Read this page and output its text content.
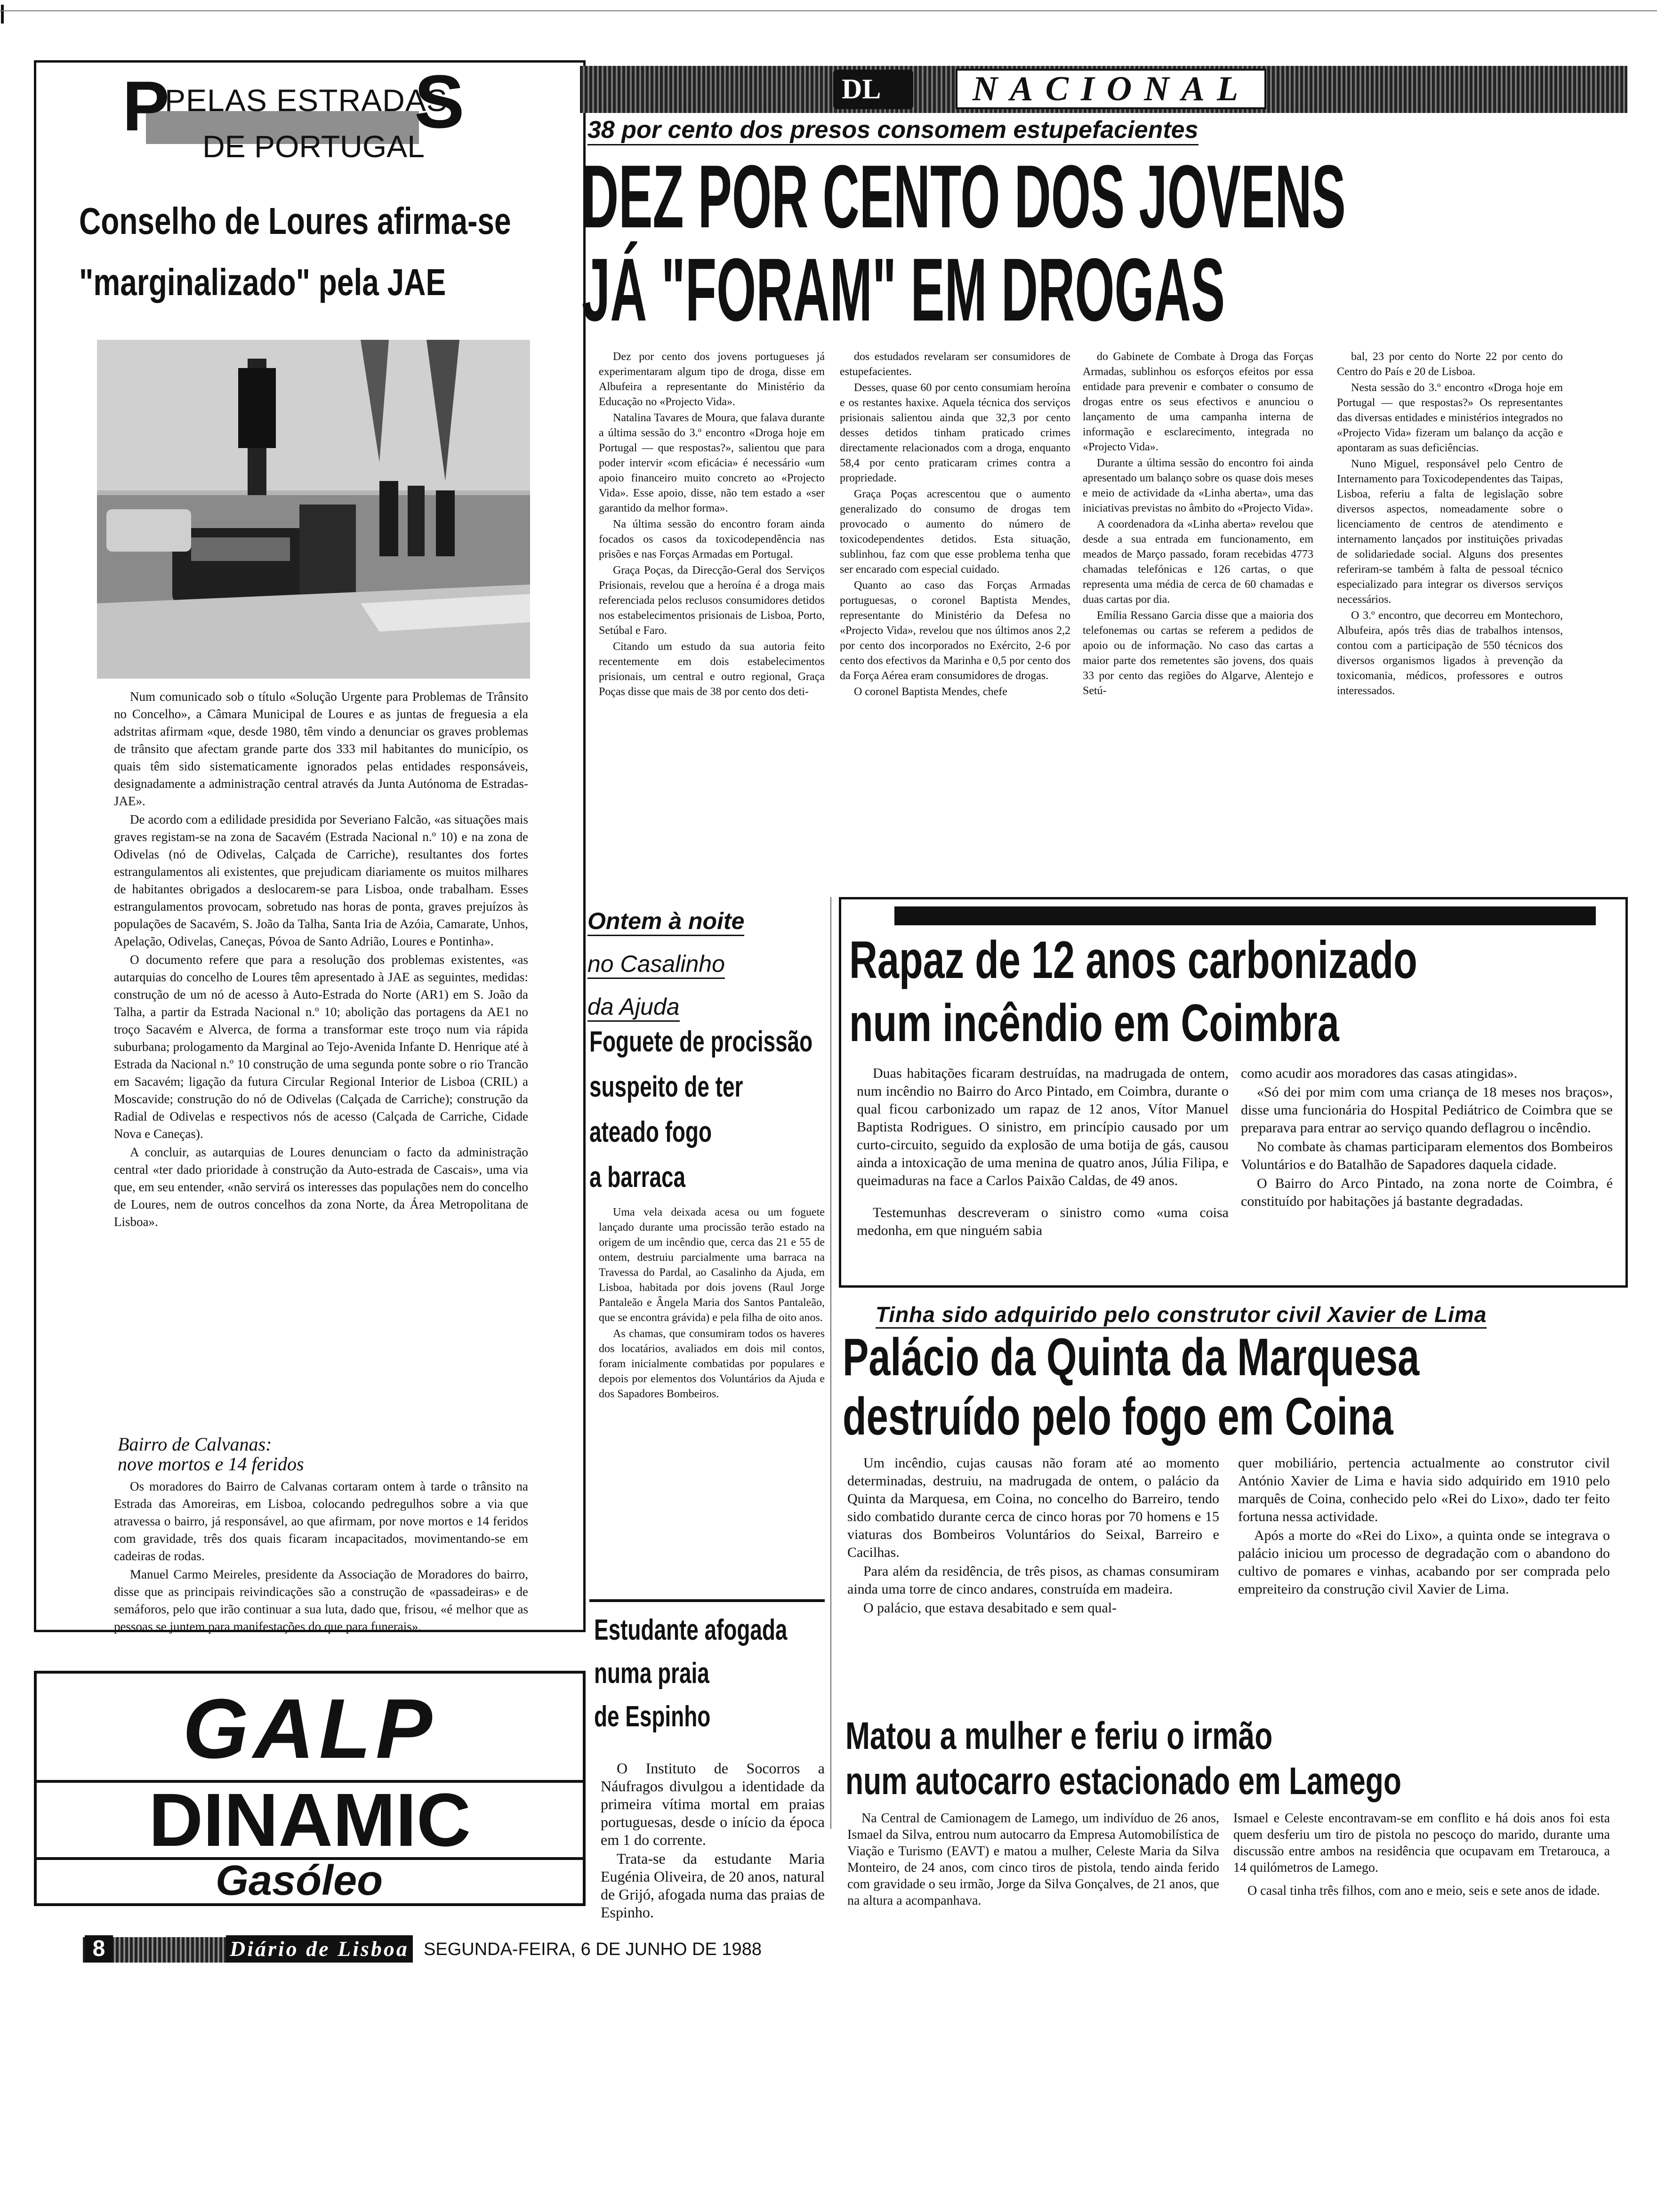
P	S
PELAS ESTRADAS
DE PORTUGAL
Conselho de Loures afirma-se
"marginalizado" pela JAE

Num comunicado sob o título «Solução Urgente para Problemas de Trânsito no Concelho», a Câmara Municipal de Loures e as juntas de freguesia a ela adstritas afirmam «que, desde 1980, têm vindo a denunciar os graves problemas de trânsito que afectam grande parte dos 333 mil habitantes do município, os quais têm sido sistematicamente ignorados pelas entidades responsáveis, designadamente a administração central através da Junta Autónoma de Estradas-JAE».

De acordo com a edilidade presidida por Severiano Falcão, «as situações mais graves registam-se na zona de Sacavém (Estrada Nacional n.º 10) e na zona de Odivelas (nó de Odivelas, Calçada de Carriche), resultantes dos fortes estrangulamentos ali existentes, que prejudicam diariamente os muitos milhares de habitantes obrigados a deslocarem-se para Lisboa, onde trabalham. Esses estrangulamentos provocam, sobretudo nas horas de ponta, graves prejuízos às populações de Sacavém, S. João da Talha, Santa Iria de Azóia, Camarate, Unhos, Apelação, Odivelas, Caneças, Póvoa de Santo Adrião, Loures e Pontinha».

O documento refere que para a resolução dos problemas existentes, «as autarquias do concelho de Loures têm apresentado à JAE as seguintes, medidas: construção de um nó de acesso à Auto-Estrada do Norte (AR1) em S. João da Talha, a partir da Estrada Nacional n.º 10; abolição das portagens da AE1 no troço Sacavém e Alverca, de forma a transformar este troço num via rápida suburbana; prologamento da Marginal ao Tejo-Avenida Infante D. Henrique até à Estrada da Nacional n.º 10 construção de uma segunda ponte sobre o rio Trancão em Sacavém; ligação da futura Circular Regional Interior de Lisboa (CRIL) a Moscavide; construção do nó de Odivelas (Calçada de Carriche); construção da Radial de Odivelas e respectivos nós de acesso (Calçada de Carriche, Cidade Nova e Caneças).

A concluir, as autarquias de Loures denunciam o facto da administração central «ter dado prioridade à construção da Auto-estrada de Cascais», uma via que, em seu entender, «não servirá os interesses das populações nem do concelho de Loures, nem de outros concelhos da zona Norte, da Área Metropolitana de Lisboa».

Bairro de Calvanas:
nove mortos e 14 feridos

Os moradores do Bairro de Calvanas cortaram ontem à tarde o trânsito na Estrada das Amoreiras, em Lisboa, colocando pedregulhos sobre a via que atravessa o bairro, já responsável, ao que afirmam, por nove mortos e 14 feridos com gravidade, três dos quais ficaram incapacitados, movimentando-se em cadeiras de rodas.

Manuel Carmo Meireles, presidente da Associação de Moradores do bairro, disse que as principais reivindicações são a construção de «passadeiras» e de semáforos, pelo que irão continuar a sua luta, dado que, frisou, «é melhor que as pessoas se juntem para manifestações do que para funerais».

GALP
DINAMIC
Gasóleo
DL	NACIONAL
38 por cento dos presos consomem estupefacientes
DEZ POR CENTO DOS JOVENS
JÁ "FORAM" EM DROGAS

Dez por cento dos jovens portugueses já experimentaram algum tipo de droga, disse em Albufeira a representante do Ministério da Educação no «Projecto Vida».

Natalina Tavares de Moura, que falava durante a última sessão do 3.º encontro «Droga hoje em Portugal — que respostas?», salientou que para poder intervir «com eficácia» é necessário «um apoio financeiro muito concreto ao «Projecto Vida». Esse apoio, disse, não tem estado a «ser garantido da melhor forma».

Na última sessão do encontro foram ainda focados os casos da toxicodependência nas prisões e nas Forças Armadas em Portugal.

Graça Poças, da Direcção-Geral dos Serviços Prisionais, revelou que a heroína é a droga mais referenciada pelos reclusos consumidores detidos nos estabelecimentos prisionais de Lisboa, Porto, Setúbal e Faro.

Citando um estudo da sua autoria feito recentemente em dois estabelecimentos prisionais, um central e outro regional, Graça Poças disse que mais de 38 por cento dos deti-

dos estudados revelaram ser consumidores de estupefacientes.

Desses, quase 60 por cento consumiam heroína e os restantes haxixe. Aquela técnica dos serviços prisionais salientou ainda que 32,3 por cento desses detidos tinham praticado crimes directamente relacionados com a droga, enquanto 58,4 por cento praticaram crimes contra a propriedade.

Graça Poças acrescentou que o aumento generalizado do consumo de drogas tem provocado o aumento do número de toxicodependentes detidos. Esta situação, sublinhou, faz com que esse problema tenha que ser encarado com especial cuidado.

Quanto ao caso das Forças Armadas portuguesas, o coronel Baptista Mendes, representante do Ministério da Defesa no «Projecto Vida», revelou que nos últimos anos 2,2 por cento dos incorporados no Exército, 2-6 por cento dos efectivos da Marinha e 0,5 por cento dos da Força Aérea eram consumidores de drogas.

O coronel Baptista Mendes, chefe

do Gabinete de Combate à Droga das Forças Armadas, sublinhou os esforços efeitos por essa entidade para prevenir e combater o consumo de drogas entre os seus efectivos e anunciou o lançamento de uma campanha interna de informação e esclarecimento, integrada no «Projecto Vida».

Durante a última sessão do encontro foi ainda apresentado um balanço sobre os quase dois meses e meio de actividade da «Linha aberta», uma das iniciativas previstas no âmbito do «Projecto Vida».

A coordenadora da «Linha aberta» revelou que desde a sua entrada em funcionamento, em meados de Março passado, foram recebidas 4773 chamadas telefónicas e 126 cartas, o que representa uma média de cerca de 60 chamadas e duas cartas por dia.

Emília Ressano Garcia disse que a maioria dos telefonemas ou cartas se referem a pedidos de apoio ou de informação. No caso das cartas a maior parte dos remetentes são jovens, dos quais 33 por cento das regiões do Algarve, Alentejo e Setú-

bal, 23 por cento do Norte 22 por cento do Centro do País e 20 de Lisboa.

Nesta sessão do 3.º encontro «Droga hoje em Portugal — que respostas?» Os representantes das diversas entidades e ministérios integrados no «Projecto Vida» fizeram um balanço da acção e apontaram as suas deficiências.

Nuno Miguel, responsável pelo Centro de Internamento para Toxicodependentes das Taipas, Lisboa, referiu a falta de legislação sobre diversos aspectos, nomeadamente sobre o licenciamento de centros de atendimento e internamento lançados por instituições privadas de solidariedade social. Alguns dos presentes referiram-se também à falta de pessoal técnico especializado para integrar os diversos serviços necessários.

O 3.º encontro, que decorreu em Montechoro, Albufeira, após três dias de trabalhos intensos, contou com a participação de 550 técnicos dos diversos organismos ligados à prevenção da toxicomania, médicos, professores e outros interessados.

Ontem à noite
no Casalinho
da Ajuda
Foguete de procissão
suspeito de ter
ateado fogo
a barraca

Uma vela deixada acesa ou um foguete lançado durante uma procissão terão estado na origem de um incêndio que, cerca das 21 e 55 de ontem, destruiu parcialmente uma barraca na Travessa do Pardal, ao Casalinho da Ajuda, em Lisboa, habitada por dois jovens (Raul Jorge Pantaleão e Ângela Maria dos Santos Pantaleão, que se encontra grávida) e pela filha de oito anos.

As chamas, que consumiram todos os haveres dos locatários, avaliados em dois mil contos, foram inicialmente combatidas por populares e depois por elementos dos Voluntários da Ajuda e dos Sapadores Bombeiros.

Estudante afogada
numa praia
de Espinho

O Instituto de Socorros a Náufragos divulgou a identidade da primeira vítima mortal em praias portuguesas, desde o início da época em 1 do corrente.

Trata-se da estudante Maria Eugénia Oliveira, de 20 anos, natural de Grijó, afogada numa das praias de Espinho.

Rapaz de 12 anos carbonizado
num incêndio em Coimbra

Duas habitações ficaram destruídas, na madrugada de ontem, num incêndio no Bairro do Arco Pintado, em Coimbra, durante o qual ficou carbonizado um rapaz de 12 anos, Vítor Manuel Baptista Rodrigues. O sinistro, em princípio causado por um curto-circuito, seguido da explosão de uma botija de gás, causou ainda a intoxicação de uma menina de quatro anos, Júlia Filipa, e queimaduras na face a Carlos Paixão Caldas, de 49 anos.

Testemunhas descreveram o sinistro como «uma coisa medonha, em que ninguém sabia

como acudir aos moradores das casas atingidas».

«Só dei por mim com uma criança de 18 meses nos braços», disse uma funcionária do Hospital Pediátrico de Coimbra que se preparava para entrar ao serviço quando deflagrou o incêndio.

No combate às chamas participaram elementos dos Bombeiros Voluntários e do Batalhão de Sapadores daquela cidade.

O Bairro do Arco Pintado, na zona norte de Coimbra, é constituído por habitações já bastante degradadas.

Tinha sido adquirido pelo construtor civil Xavier de Lima
Palácio da Quinta da Marquesa
destruído pelo fogo em Coina

Um incêndio, cujas causas não foram até ao momento determinadas, destruiu, na madrugada de ontem, o palácio da Quinta da Marquesa, em Coina, no concelho do Barreiro, tendo sido combatido durante cerca de cinco horas por 70 homens e 15 viaturas dos Bombeiros Voluntários do Seixal, Barreiro e Cacilhas.

Para além da residência, de três pisos, as chamas consumiram ainda uma torre de cinco andares, construída em madeira.

O palácio, que estava desabitado e sem qual-

quer mobiliário, pertencia actualmente ao construtor civil António Xavier de Lima e havia sido adquirido em 1910 pelo marquês de Coina, conhecido pelo «Rei do Lixo», dado ter feito fortuna nessa actividade.

Após a morte do «Rei do Lixo», a quinta onde se integrava o palácio iniciou um processo de degradação com o abandono do cultivo de pomares e vinhas, acabando por ser comprada pelo empreiteiro da construção civil Xavier de Lima.

Matou a mulher e feriu o irmão
num autocarro estacionado em Lamego

Na Central de Camionagem de Lamego, um indivíduo de 26 anos, Ismael da Silva, entrou num autocarro da Empresa Automobilística de Viação e Turismo (EAVT) e matou a mulher, Celeste Maria da Silva Monteiro, de 24 anos, com cinco tiros de pistola, tendo ainda ferido com gravidade o seu irmão, Jorge da Silva Gonçalves, de 21 anos, que na altura a acompanhava.

Ismael e Celeste encontravam-se em conflito e há dois anos foi esta quem desferiu um tiro de pistola no pescoço do marido, durante uma discussão entre ambos na residência que ocupavam em Tretarouca, a 14 quilómetros de Lamego.

O casal tinha três filhos, com ano e meio, seis e sete anos de idade.

8	Diário de Lisboa SEGUNDA-FEIRA, 6 DE JUNHO DE 1988
